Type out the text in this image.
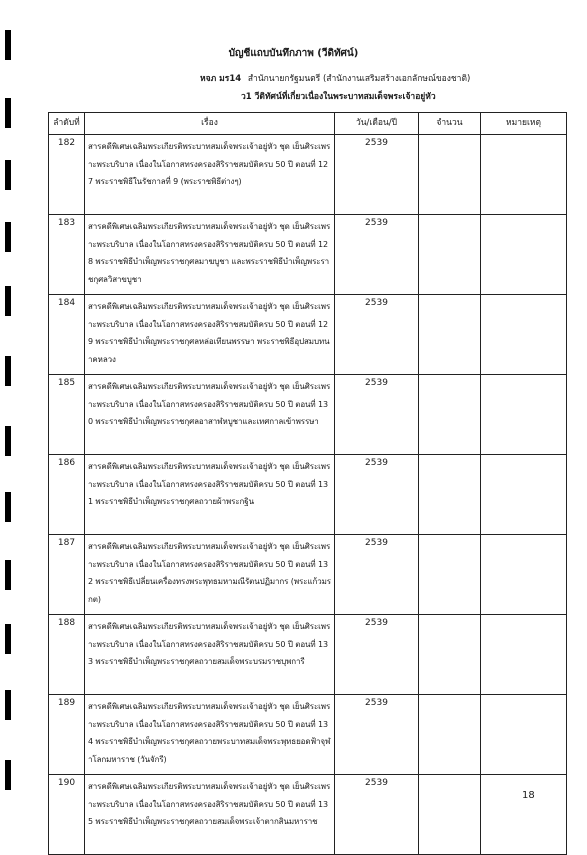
บัญชีแถบบันทึกภาพ (วีดิทัศน์)
หจภ มร14 สำนักนายกรัฐมนตรี (สำนักงานเสริมสร้างเอกลักษณ์ของชาติ)
ว1 วีดิทัศน์ที่เกี่ยวเนื่องในพระบาทสมเด็จพระเจ้าอยู่หัว
ลำดับที่	เรื่อง	วัน/เดือน/ปี	จำนวน	หมายเหตุ
182	สารคดีพิเศษเฉลิมพระเกียรติพระบาทสมเด็จพระเจ้าอยู่หัว ชุด เย็นศิระเพราะพระบริบาล เนื่องในโอกาสทรงครองสิริราชสมบัติครบ 50 ปี ตอนที่ 127 พระราชพิธีในรัชกาลที่ 9 (พระราชพิธีต่างๆ)	2539		
183	สารคดีพิเศษเฉลิมพระเกียรติพระบาทสมเด็จพระเจ้าอยู่หัว ชุด เย็นศิระเพราะพระบริบาล เนื่องในโอกาสทรงครองสิริราชสมบัติครบ 50 ปี ตอนที่ 128 พระราชพิธีบำเพ็ญพระราชกุศลมาฆบูชา และพระราชพิธีบำเพ็ญพระราชกุศลวิสาขบูชา	2539		
184	สารคดีพิเศษเฉลิมพระเกียรติพระบาทสมเด็จพระเจ้าอยู่หัว ชุด เย็นศิระเพราะพระบริบาล เนื่องในโอกาสทรงครองสิริราชสมบัติครบ 50 ปี ตอนที่ 129 พระราชพิธีบำเพ็ญพระราชกุศลหล่อเทียนพรรษา พระราชพิธีอุปสมบทนาคหลวง	2539		
185	สารคดีพิเศษเฉลิมพระเกียรติพระบาทสมเด็จพระเจ้าอยู่หัว ชุด เย็นศิระเพราะพระบริบาล เนื่องในโอกาสทรงครองสิริราชสมบัติครบ 50 ปี ตอนที่ 130 พระราชพิธีบำเพ็ญพระราชกุศลอาสาฬหบูชาและเทศกาลเข้าพรรษา	2539		
186	สารคดีพิเศษเฉลิมพระเกียรติพระบาทสมเด็จพระเจ้าอยู่หัว ชุด เย็นศิระเพราะพระบริบาล เนื่องในโอกาสทรงครองสิริราชสมบัติครบ 50 ปี ตอนที่ 131 พระราชพิธีบำเพ็ญพระราชกุศลถวายผ้าพระกฐิน	2539		
187	สารคดีพิเศษเฉลิมพระเกียรติพระบาทสมเด็จพระเจ้าอยู่หัว ชุด เย็นศิระเพราะพระบริบาล เนื่องในโอกาสทรงครองสิริราชสมบัติครบ 50 ปี ตอนที่ 132 พระราชพิธีเปลี่ยนเครื่องทรงพระพุทธมหามณีรัตนปฏิมากร (พระแก้วมรกต)	2539		
188	สารคดีพิเศษเฉลิมพระเกียรติพระบาทสมเด็จพระเจ้าอยู่หัว ชุด เย็นศิระเพราะพระบริบาล เนื่องในโอกาสทรงครองสิริราชสมบัติครบ 50 ปี ตอนที่ 133 พระราชพิธีบำเพ็ญพระราชกุศลถวายสมเด็จพระบรมราชบุพการี	2539		
189	สารคดีพิเศษเฉลิมพระเกียรติพระบาทสมเด็จพระเจ้าอยู่หัว ชุด เย็นศิระเพราะพระบริบาล เนื่องในโอกาสทรงครองสิริราชสมบัติครบ 50 ปี ตอนที่ 134 พระราชพิธีบำเพ็ญพระราชกุศลถวายพระบาทสมเด็จพระพุทธยอดฟ้าจุฬาโลกมหาราช (วันจักรี)	2539		
190	สารคดีพิเศษเฉลิมพระเกียรติพระบาทสมเด็จพระเจ้าอยู่หัว ชุด เย็นศิระเพราะพระบริบาล เนื่องในโอกาสทรงครองสิริราชสมบัติครบ 50 ปี ตอนที่ 135 พระราชพิธีบำเพ็ญพระราชกุศลถวายสมเด็จพระเจ้าตากสินมหาราช	2539		
18
